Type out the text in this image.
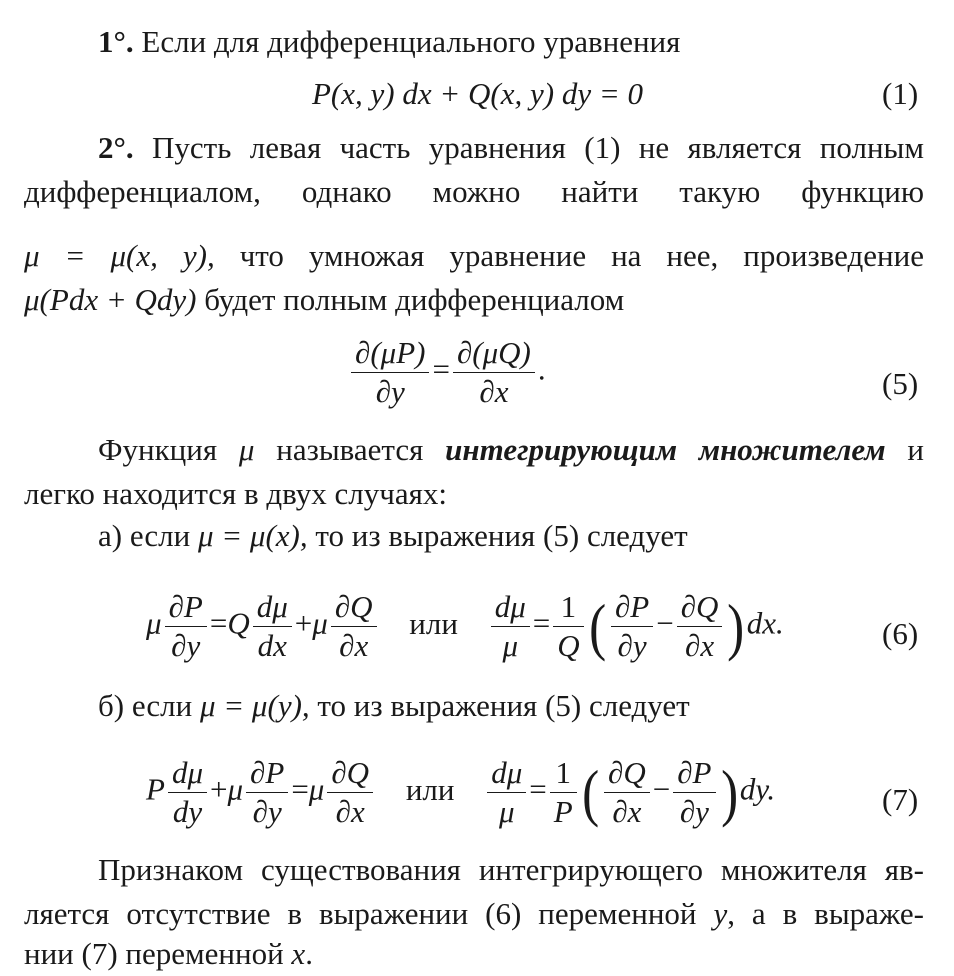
1°. Если для дифференциального уравнения
P(x, y) dx + Q(x, y) dy = 0	(1)
2°. Пусть левая часть уравнения (1) не является полным
дифференциалом, однако можно найти такую функцию
μ = μ(x, y), что умножая уравнение на нее, произведение
μ(Pdx + Qdy) будет полным дифференциалом
$\frac{\partial(\mu P)}{\partial y} = \frac{\partial(\mu Q)}{\partial x}$ .	(5)
Функция μ называется интегрирующим множителем и
легко находится в двух случаях:
а) если μ = μ(x), то из выражения (5) следует
μ $\frac{\partial P}{\partial y} =Q \frac{d\mu}{dx} +\mu \frac{\partial Q}{\partial x}$ или $\frac{d\mu}{\mu} = \frac{1}{Q}$ ( $\frac{\partial P}{\partial y} - \frac{\partial Q}{\partial x} )dx$.	(6)
б) если μ = μ(y), то из выражения (5) следует
P $\frac{d\mu}{dy} +\mu \frac{\partial P}{\partial y} =\mu \frac{\partial Q}{\partial x}$ или $\frac{d\mu}{\mu} = \frac{1}{P}$ ( $\frac{\partial Q}{\partial x} - \frac{\partial P}{\partial y} )dy$.	(7)
Признаком существования интегрирующего множителя яв-
ляется отсутствие в выражении (6) переменной y, а в выраже-
нии (7) переменной x.
